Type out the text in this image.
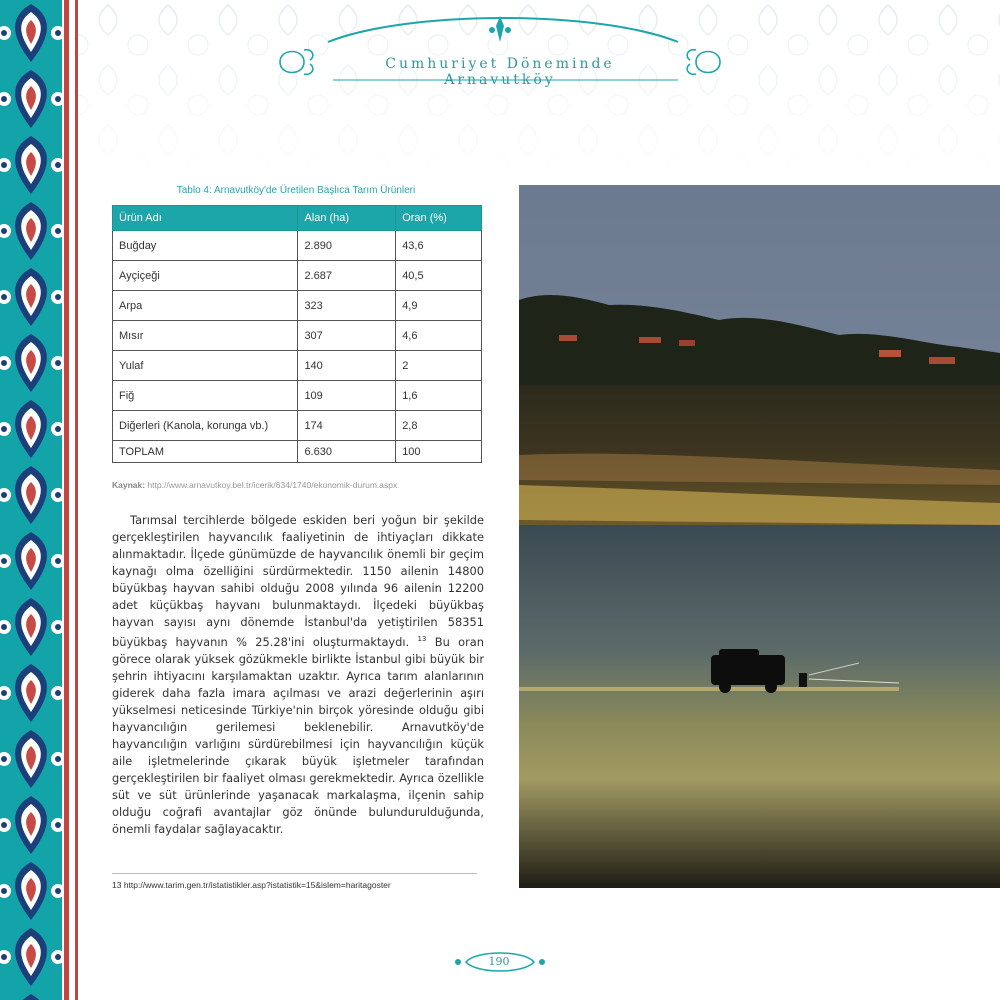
Cumhuriyet Döneminde Arnavutköy
Tablo 4: Arnavutköy'de Üretilen Başlıca Tarım Ürünleri
Ürün Adı	Alan (ha)	Oran (%)
Buğday	2.890	43,6
Ayçiçeği	2.687	40,5
Arpa	323	4,9
Mısır	307	4,6
Yulaf	140	2
Fiğ	109	1,6
Diğerleri (Kanola, korunga vb.)	174	2,8
TOPLAM	6.630	100
Kaynak: http://www.arnavutkoy.bel.tr/icerik/634/1740/ekonomik-durum.aspx

Tarımsal tercihlerde bölgede eskiden beri yoğun bir şekilde gerçekleştirilen hayvancılık faaliyetinin de ihtiyaçları dikkate alınmaktadır. İlçede günümüzde de hayvancılık önemli bir geçim kaynağı olma özelliğini sürdürmektedir. 1150 ailenin 14800 büyükbaş hayvan sahibi olduğu 2008 yılında 96 ailenin 12200 adet küçükbaş hayvanı bulunmaktaydı. İlçedeki büyükbaş hayvan sayısı aynı dönemde İstanbul'da yetiştirilen 58351 büyükbaş hayvanın % 25.28'ini oluşturmaktaydı. $^{13}$ Bu oran görece olarak yüksek gözükmekle birlikte İstanbul gibi büyük bir şehrin ihtiyacını karşılamaktan uzaktır. Ayrıca tarım alanlarının giderek daha fazla imara açılması ve arazi değerlerinin aşırı yükselmesi neticesinde Türkiye'nin birçok yöresinde olduğu gibi hayvancılığın gerilemesi beklenebilir. Arnavutköy'de hayvancılığın varlığını sürdürebilmesi için hayvancılığın küçük aile işletmelerinde çıkarak büyük işletmeler tarafından gerçekleştirilen bir faaliyet olması gerekmektedir. Ayrıca özellikle süt ve süt ürünlerinde yaşanacak markalaşma, ilçenin sahip olduğu coğrafi avantajlar göz önünde bulundurulduğunda, önemli faydalar sağlayacaktır.

13 http://www.tarim.gen.tr/istatistikler.asp?istatistik=15&islem=haritagoster
190
